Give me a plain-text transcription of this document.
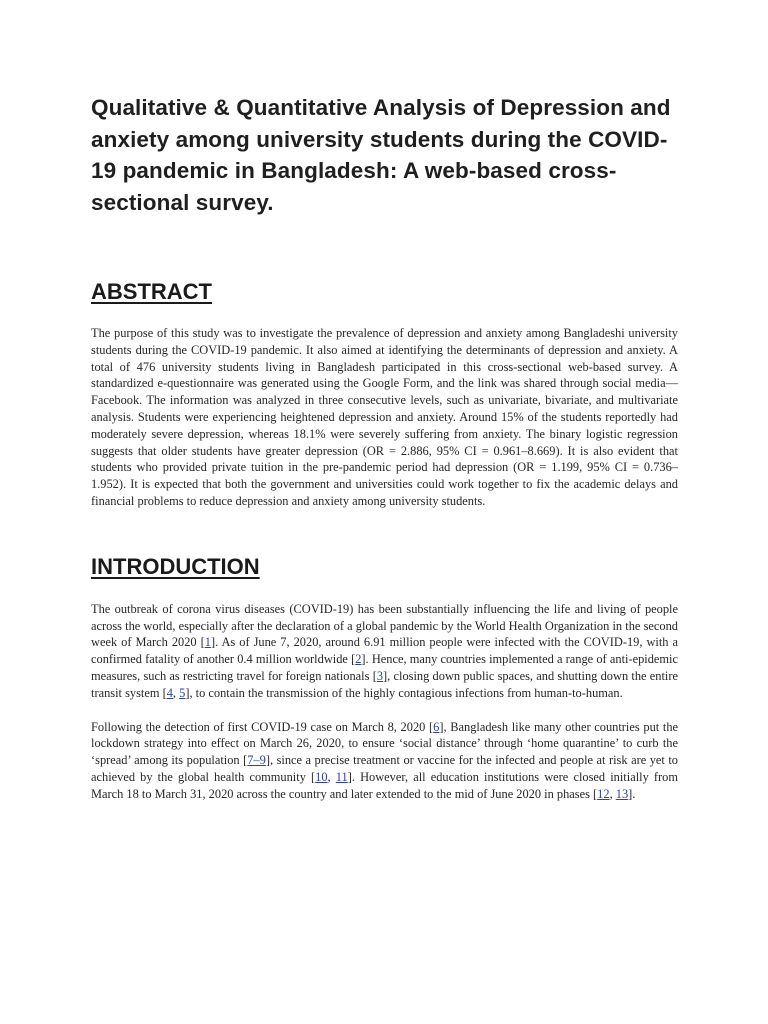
Qualitative & Quantitative Analysis of Depression and anxiety among university students during the COVID-19 pandemic in Bangladesh: A web-based cross-sectional survey.
ABSTRACT

The purpose of this study was to investigate the prevalence of depression and anxiety among Bangladeshi university students during the COVID-19 pandemic. It also aimed at identifying the determinants of depression and anxiety. A total of 476 university students living in Bangladesh participated in this cross-sectional web-based survey. A standardized e-questionnaire was generated using the Google Form, and the link was shared through social media—Facebook. The information was analyzed in three consecutive levels, such as univariate, bivariate, and multivariate analysis. Students were experiencing heightened depression and anxiety. Around 15% of the students reportedly had moderately severe depression, whereas 18.1% were severely suffering from anxiety. The binary logistic regression suggests that older students have greater depression (OR = 2.886, 95% CI = 0.961–8.669). It is also evident that students who provided private tuition in the pre-pandemic period had depression (OR = 1.199, 95% CI = 0.736–1.952). It is expected that both the government and universities could work together to fix the academic delays and financial problems to reduce depression and anxiety among university students.

INTRODUCTION

The outbreak of corona virus diseases (COVID-19) has been substantially influencing the life and living of people across the world, especially after the declaration of a global pandemic by the World Health Organization in the second week of March 2020 [1]. As of June 7, 2020, around 6.91 million people were infected with the COVID-19, with a confirmed fatality of another 0.4 million worldwide [2]. Hence, many countries implemented a range of anti-epidemic measures, such as restricting travel for foreign nationals [3], closing down public spaces, and shutting down the entire transit system [4, 5], to contain the transmission of the highly contagious infections from human-to-human.

Following the detection of first COVID-19 case on March 8, 2020 [6], Bangladesh like many other countries put the lockdown strategy into effect on March 26, 2020, to ensure ‘social distance’ through ‘home quarantine’ to curb the ‘spread’ among its population [7–9], since a precise treatment or vaccine for the infected and people at risk are yet to achieved by the global health community [10, 11]. However, all education institutions were closed initially from March 18 to March 31, 2020 across the country and later extended to the mid of June 2020 in phases [12, 13].
